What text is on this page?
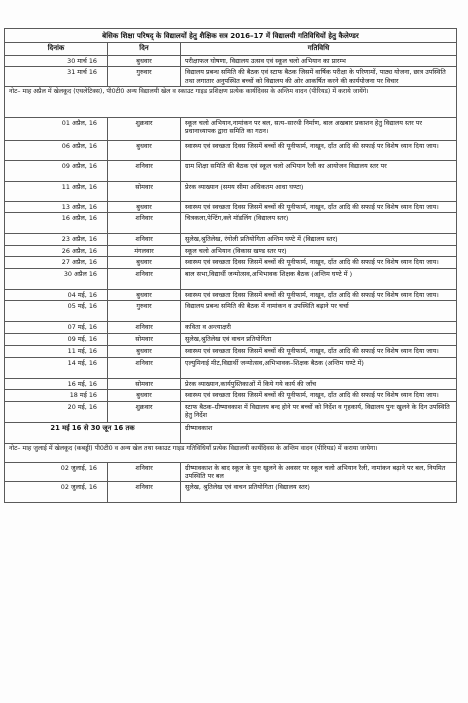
बेसिक शिक्षा परिषद् के विद्यालयों हेतु शैक्षिक सत्र 2016–17 में विद्यालयी गतिविधियों हेतु कैलेण्डर		
दिनांक	दिन	गतिविधि
30 मार्च 16	बुधवार	परीक्षाफल घोषणा, विद्यालय उत्सव एवं स्कूल चलो अभियान का प्रारम्भ
31 मार्च 16	गुरुवार	विद्यालय प्रबन्ध समिति की बैठक एवं स्टाफ बैठक जिसमें वार्षिक परीक्षा के परिणामों, पाठ्य योजना, छात्र उपस्थिति तथा लगातार अनुपस्थित बच्चों को विद्यालय की ओर आकर्षित करने की कार्ययोजना पर विचार
नोट– माह अप्रैल में खेलकूद (एथलेटिक्स), पी0टी0 अन्य विद्यालयी खेल व स्काउट गाइड प्रशिक्षण प्रत्येक कार्यदिवस के अन्तिम वादन (पीरियड) में कराये जायेंगे।		
01 अप्रैल, 16	शुक्रवार	स्कूल चलो अभियान,नामांकन पर बल, सत्य–सारथी निर्माण, बाल अखबार प्रकाशन हेतु विद्यालय स्तर पर प्रधानाध्यापक द्वारा समिति का गठन।
06 अप्रैल, 16	बुधवार	स्वास्थ्य एवं स्वच्छता दिवस जिसमें बच्चों की यूनीफार्म, नाखून, दाँत आदि की सफाई पर विशेष ध्यान दिया जाय।
09 अप्रैल, 16	शनिवार	ग्राम शिक्षा समिति की बैठक एवं स्कूल चलो अभियान रैली का आयोजन विद्यालय स्तर पर
11 अप्रैल, 16	सोमवार	प्रेरक व्याख्यान (समय सीमा अधिकतम आधा घण्टा)
13 अप्रैल, 16	बुधवार	स्वास्थ्य एवं स्वच्छता दिवस जिसमें बच्चों की यूनीफार्म, नाखून, दाँत आदि की सफाई पर विशेष ध्यान दिया जाय।
16 अप्रैल, 16	शनिवार	चित्रकला,पेन्टिंग,क्ले मॉडलिंग (विद्यालय स्तर)
23 अप्रैल, 16	शनिवार	सुलेख,श्रुतिलेख, रंगोली प्रतियोगिता अन्तिम घण्टे में (विद्यालय स्तर)
26 अप्रैल, 16	मंगलवार	स्कूल चलो अभियान (विकास खण्ड स्तर पर)
27 अप्रैल, 16	बुधवार	स्वास्थ्य एवं स्वच्छता दिवस जिसमें बच्चों की यूनीफार्म, नाखून, दाँत आदि की सफाई पर विशेष ध्यान दिया जाय।
30 अप्रैल 16	शनिवार	बाल सभा,विद्यार्थी जन्मोत्सव,अभिभावक शिक्षक बैठक (अन्तिम घण्टे में )
04 मई, 16	बुधवार	स्वास्थ्य एवं स्वच्छता दिवस जिसमें बच्चों की यूनीफार्म, नाखून, दाँत आदि की सफाई पर विशेष ध्यान दिया जाय।
05 मई, 16	गुरुवार	विद्यालय प्रबन्ध समिति की बैठक में नामांकन व उपस्थिति बढ़ाने पर चर्चा
07 मई, 16	शनिवार	कविता व अन्त्याक्षरी
09 मई, 16	सोमवार	सुलेख,श्रुतिलेख एवं वाचन प्रतियोगिता
11 मई, 16	बुधवार	स्वास्थ्य एवं स्वच्छता दिवस जिसमें बच्चों की यूनीफार्म, नाखून, दाँत आदि की सफाई पर विशेष ध्यान दिया जाय।
14 मई, 16	शनिवार	एल्युमिनाई मीट,विद्यार्थी जन्मोत्सव,अभिभावक–शिक्षक बैठक (अन्तिम घण्टे में)
16 मई, 16	सोमवार	प्रेरक व्याख्यान,कार्यपुस्तिकाओं में किये गये कार्य की जाँच
18 मई 16	बुधवार	स्वास्थ्य एवं स्वच्छता दिवस जिसमें बच्चों की यूनीफार्म, नाखून, दाँत आदि की सफाई पर विशेष ध्यान दिया जाय।
20 मई, 16	शुक्रवार	स्टाफ बैठक–ग्रीष्मावकाश में विद्यालय बन्द होने पर बच्चों को निर्देश व गृहकार्य, विद्यालय पुनः खुलने के दिन उपस्थिति हेतु निर्देश
21 मई 16 से 30 जून 16 तक		ग्रीष्मावकाश
नोट– माह जुलाई में खेलकूद (कबड्डी) पी0टी0 व अन्य खेल तथा स्काउट गाइड गतिविधियाँ प्रत्येक विद्यालयी कार्यदिवस के अन्तिम वादन (पीरियड) में कराया जायेगा।		
02 जुलाई, 16	शनिवार	ग्रीष्मावकाश के बाद स्कूल के पुनः खुलने के अवसर पर स्कूल चलो अभियान रैली, नामांकन बढ़ाने पर बल, नियमित उपस्थिति पर बल
02 जुलाई, 16	शनिवार	सुलेख, श्रुतिलेख एवं वाचन प्रतियोगिता (विद्यालय स्तर)
